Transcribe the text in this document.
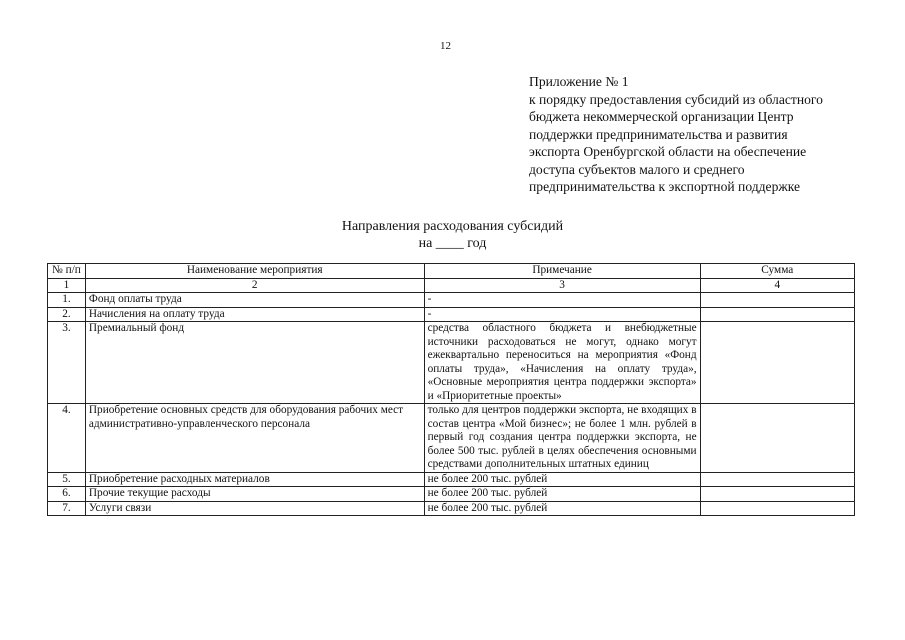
12
Приложение № 1
к порядку предоставления субсидий из областного
бюджета некоммерческой организации Центр
поддержки предпринимательства и развития
экспорта Оренбургской области на обеспечение
доступа субъектов малого и среднего
предпринимательства к экспортной поддержке
Направления расходования субсидий
на ____ год
№ п/п	Наименование мероприятия	Примечание	Сумма
1	2	3	4
1.	Фонд оплаты труда	-	
2.	Начисления на оплату труда	-	
3.	Премиальный фонд	средства областного бюджета и внебюджетные источники расходоваться не могут, однако могут ежеквартально переноситься на мероприятия «Фонд оплаты труда», «Начисления на оплату труда», «Основные мероприятия центра поддержки экспорта» и «Приоритетные проекты»	
4.	Приобретение основных средств для оборудования рабочих мест административно-управленческого персонала	только для центров поддержки экспорта, не входящих в состав центра «Мой бизнес»; не более 1 млн. рублей в первый год создания центра поддержки экспорта, не более 500 тыс. рублей в целях обеспечения основными средствами дополнительных штатных единиц	
5.	Приобретение расходных материалов	не более 200 тыс. рублей	
6.	Прочие текущие расходы	не более 200 тыс. рублей	
7.	Услуги связи	не более 200 тыс. рублей	
